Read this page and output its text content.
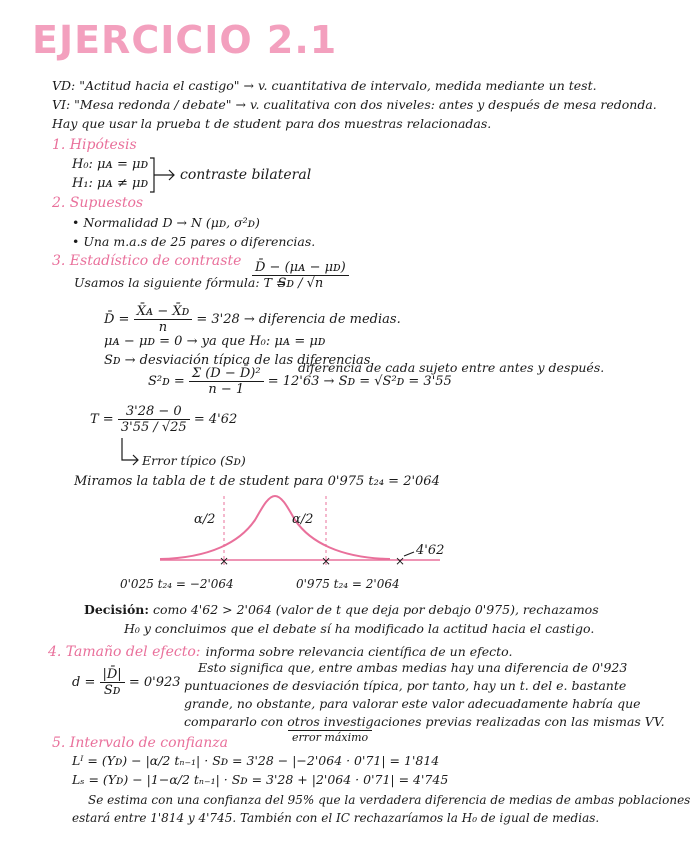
EJERCICIO 2.1
VD: "Actitud hacia el castigo" → v. cuantitativa de intervalo, medida mediante un test.
VI: "Mesa redonda / debate" → v. cualitativa con dos niveles: antes y después de mesa redonda.
Hay que usar la prueba t de student para dos muestras relacionadas.
1. Hipótesis
H₀: μᴀ = μᴅ
H₁: μᴀ ≠ μᴅ
contraste bilateral
2. Supuestos
• Normalidad D → N (μᴅ, σ²ᴅ)
• Una m.a.s de 25 pares o diferencias.
3. Estadístico de contraste
Usamos la siguiente fórmula: T =
$\frac{\text{D̄ − (μᴀ − μᴅ)}}{\text{Sᴅ / √n}}$
D̄ = $\frac{\text{X̄ᴀ − X̄ᴅ}}{n} = 3'28$ → diferencia de medias.
μᴀ − μᴅ = 0 → ya que H₀: μᴀ = μᴅ
Sᴅ → desviación típica de las diferencias
S²ᴅ = $\frac{\text{Σ (D − D̄)²}}{n - 1} = 12'63$ → Sᴅ = √S²ᴅ = 3'55
diferencia de cada sujeto entre antes y después.
$T = \frac{3'28 - 0}{3'55 / √25} = 4'62$
Error típico (Sᴅ)
Miramos la tabla de t de student para 0'975 t₂₄ = 2'064
×	×	×
α/2	α/2
4'62
0'025 t₂₄ = −2'064	0'975 t₂₄ = 2'064
Decisión: como 4'62 > 2'064 (valor de t que deja por debajo 0'975), rechazamos
H₀ y concluimos que el debate sí ha modificado la actitud hacia el castigo.
4. Tamaño del efecto: informa sobre relevancia científica de un efecto.
$d = \frac{|D̄|}{\text{Sᴅ}} = 0'923$
Esto significa que, entre ambas medias hay una diferencia de 0'923
puntuaciones de desviación típica, por tanto, hay un t. del e. bastante
grande, no obstante, para valorar este valor adecuadamente habría que
compararlo con otros investigaciones previas realizadas con las mismas VV.
5. Intervalo de confianza	error máximo
Lᴵ = (Yᴅ) − |α/2 tₙ₋₁| · Sᴅ = 3'28 − |−2'064 · 0'71| = 1'814
Lₛ = (Yᴅ) − |1−α/2 tₙ₋₁| · Sᴅ = 3'28 + |2'064 · 0'71| = 4'745
Se estima con una confianza del 95% que la verdadera diferencia de medias de ambas poblaciones
estará entre 1'814 y 4'745. También con el IC rechazaríamos la H₀ de igual de medias.
